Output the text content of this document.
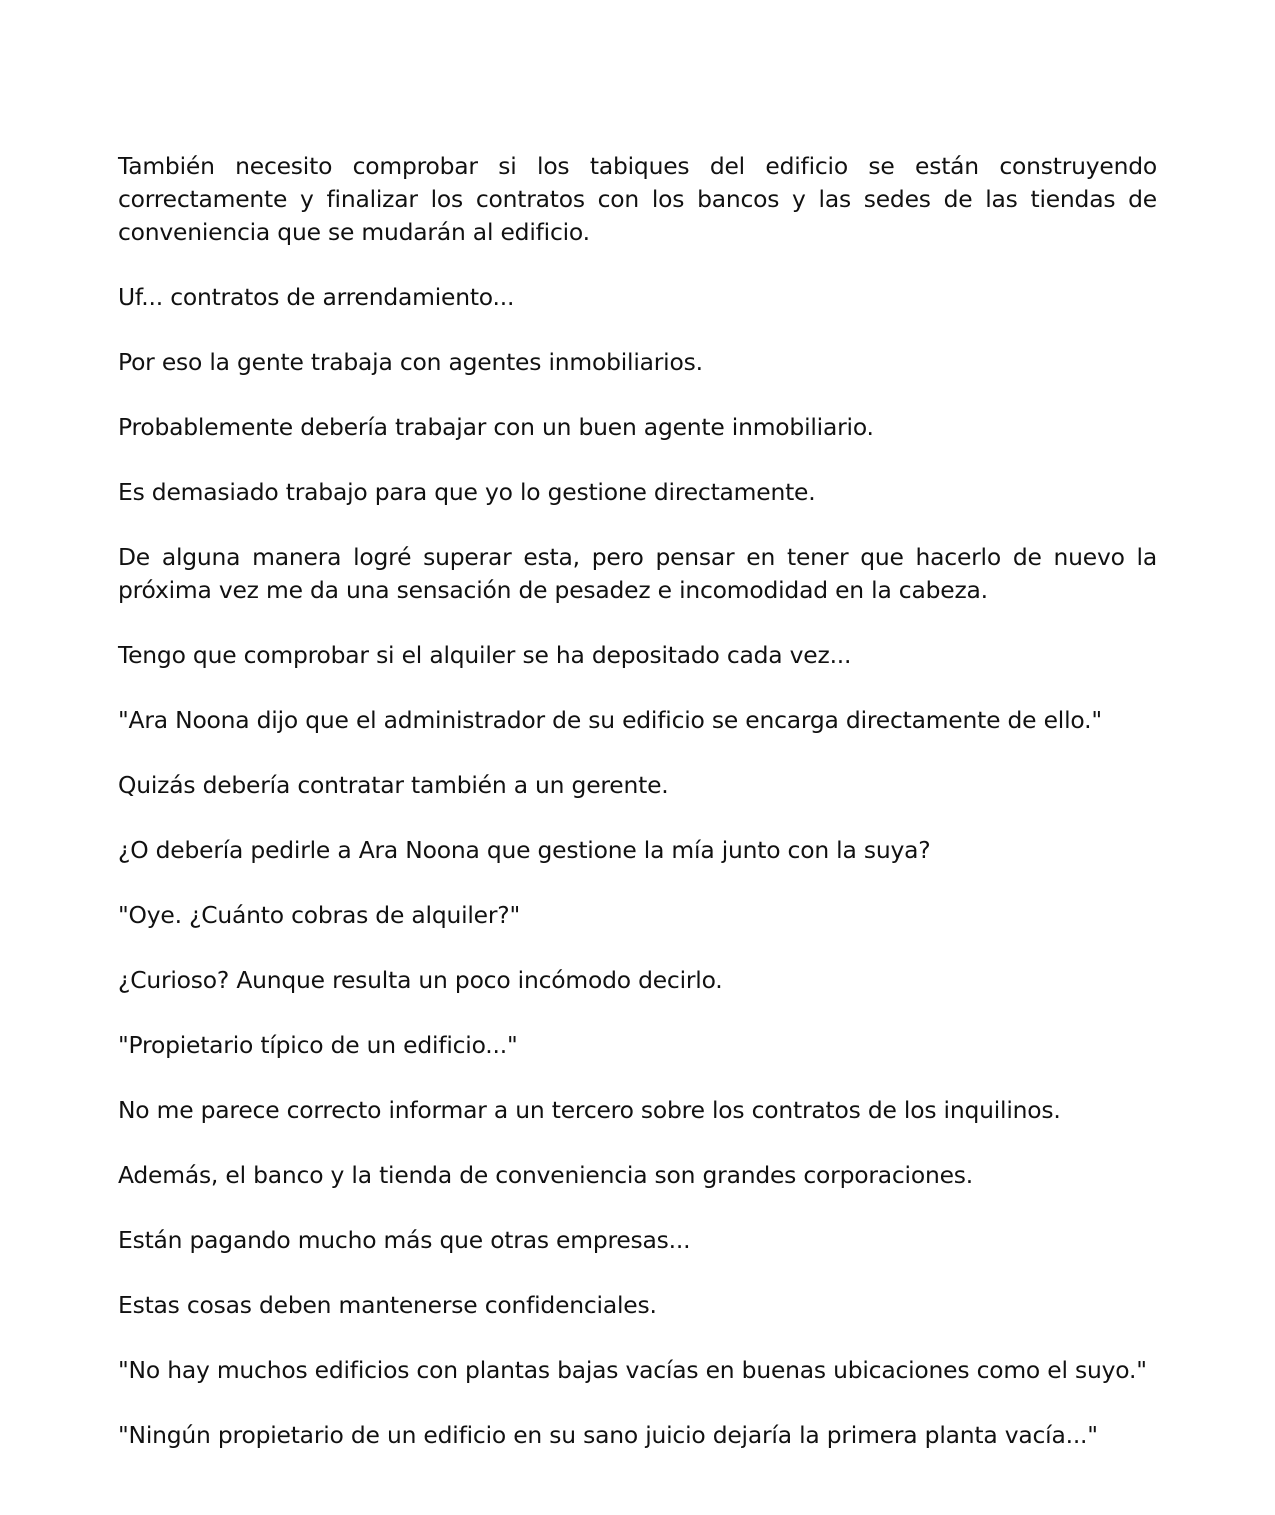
También necesito comprobar si los tabiques del edificio se están construyendo correctamente y finalizar los contratos con los bancos y las sedes de las tiendas de conveniencia que se mudarán al edificio.

Uf... contratos de arrendamiento...

Por eso la gente trabaja con agentes inmobiliarios.

Probablemente debería trabajar con un buen agente inmobiliario.

Es demasiado trabajo para que yo lo gestione directamente.

De alguna manera logré superar esta, pero pensar en tener que hacerlo de nuevo la próxima vez me da una sensación de pesadez e incomodidad en la cabeza.

Tengo que comprobar si el alquiler se ha depositado cada vez...

"Ara Noona dijo que el administrador de su edificio se encarga directamente de ello."

Quizás debería contratar también a un gerente.

¿O debería pedirle a Ara Noona que gestione la mía junto con la suya?

"Oye. ¿Cuánto cobras de alquiler?"

¿Curioso? Aunque resulta un poco incómodo decirlo.

"Propietario típico de un edificio..."

No me parece correcto informar a un tercero sobre los contratos de los inquilinos.

Además, el banco y la tienda de conveniencia son grandes corporaciones.

Están pagando mucho más que otras empresas...

Estas cosas deben mantenerse confidenciales.

"No hay muchos edificios con plantas bajas vacías en buenas ubicaciones como el suyo."

"Ningún propietario de un edificio en su sano juicio dejaría la primera planta vacía..."
